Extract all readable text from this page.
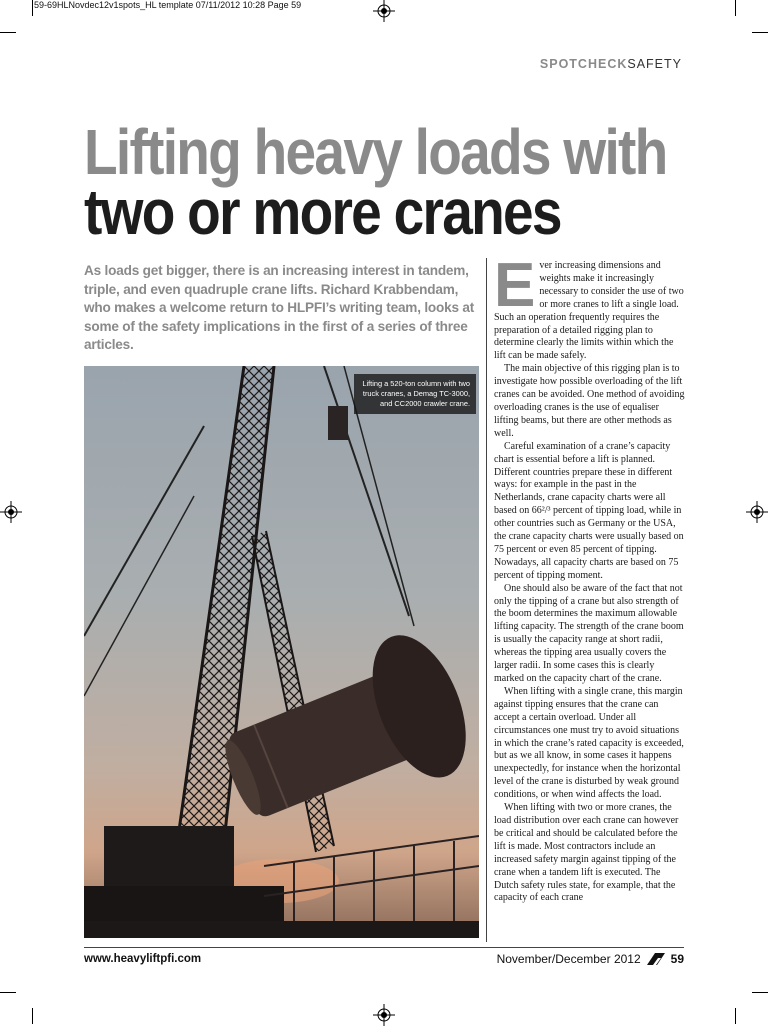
59-69HLNovdec12v1spots_HL template 07/11/2012 10:28 Page 59
SPOTCHECKSAFETY
Lifting heavy loads with
two or more cranes

As loads get bigger, there is an increasing interest in tandem, triple, and even quadruple crane lifts. Richard Krabbendam, who makes a welcome return to HLPFI’s writing team, looks at some of the safety implications in the first of a series of three articles.

Lifting a 520-ton column with two truck cranes, a Demag TC-3000, and CC2000 crawler crane.

Ever increasing dimensions and weights make it increasingly necessary to consider the use of two or more cranes to lift a single load. Such an operation frequently requires the preparation of a detailed rigging plan to determine clearly the limits within which the lift can be made safely.

The main objective of this rigging plan is to investigate how possible overloading of the lift cranes can be avoided. One method of avoiding overloading cranes is the use of equaliser lifting beams, but there are other methods as well.

Careful examination of a crane’s capacity chart is essential before a lift is planned. Different countries prepare these in different ways: for example in the past in the Netherlands, crane capacity charts were all based on 66²/³ percent of tipping load, while in other countries such as Germany or the USA, the crane capacity charts were usually based on 75 percent or even 85 percent of tipping. Nowadays, all capacity charts are based on 75 percent of tipping moment.

One should also be aware of the fact that not only the tipping of a crane but also strength of the boom determines the maximum allowable lifting capacity. The strength of the crane boom is usually the capacity range at short radii, whereas the tipping area usually covers the larger radii. In some cases this is clearly marked on the capacity chart of the crane.

When lifting with a single crane, this margin against tipping ensures that the crane can accept a certain overload. Under all circumstances one must try to avoid situations in which the crane’s rated capacity is exceeded, but as we all know, in some cases it happens unexpectedly, for instance when the horizontal level of the crane is disturbed by weak ground conditions, or when wind affects the load.

When lifting with two or more cranes, the load distribution over each crane can however be critical and should be calculated before the lift is made. Most contractors include an increased safety margin against tipping of the crane when a tandem lift is executed. The Dutch safety rules state, for example, that the capacity of each crane

www.heavyliftpfi.com	November/December 2012	59
